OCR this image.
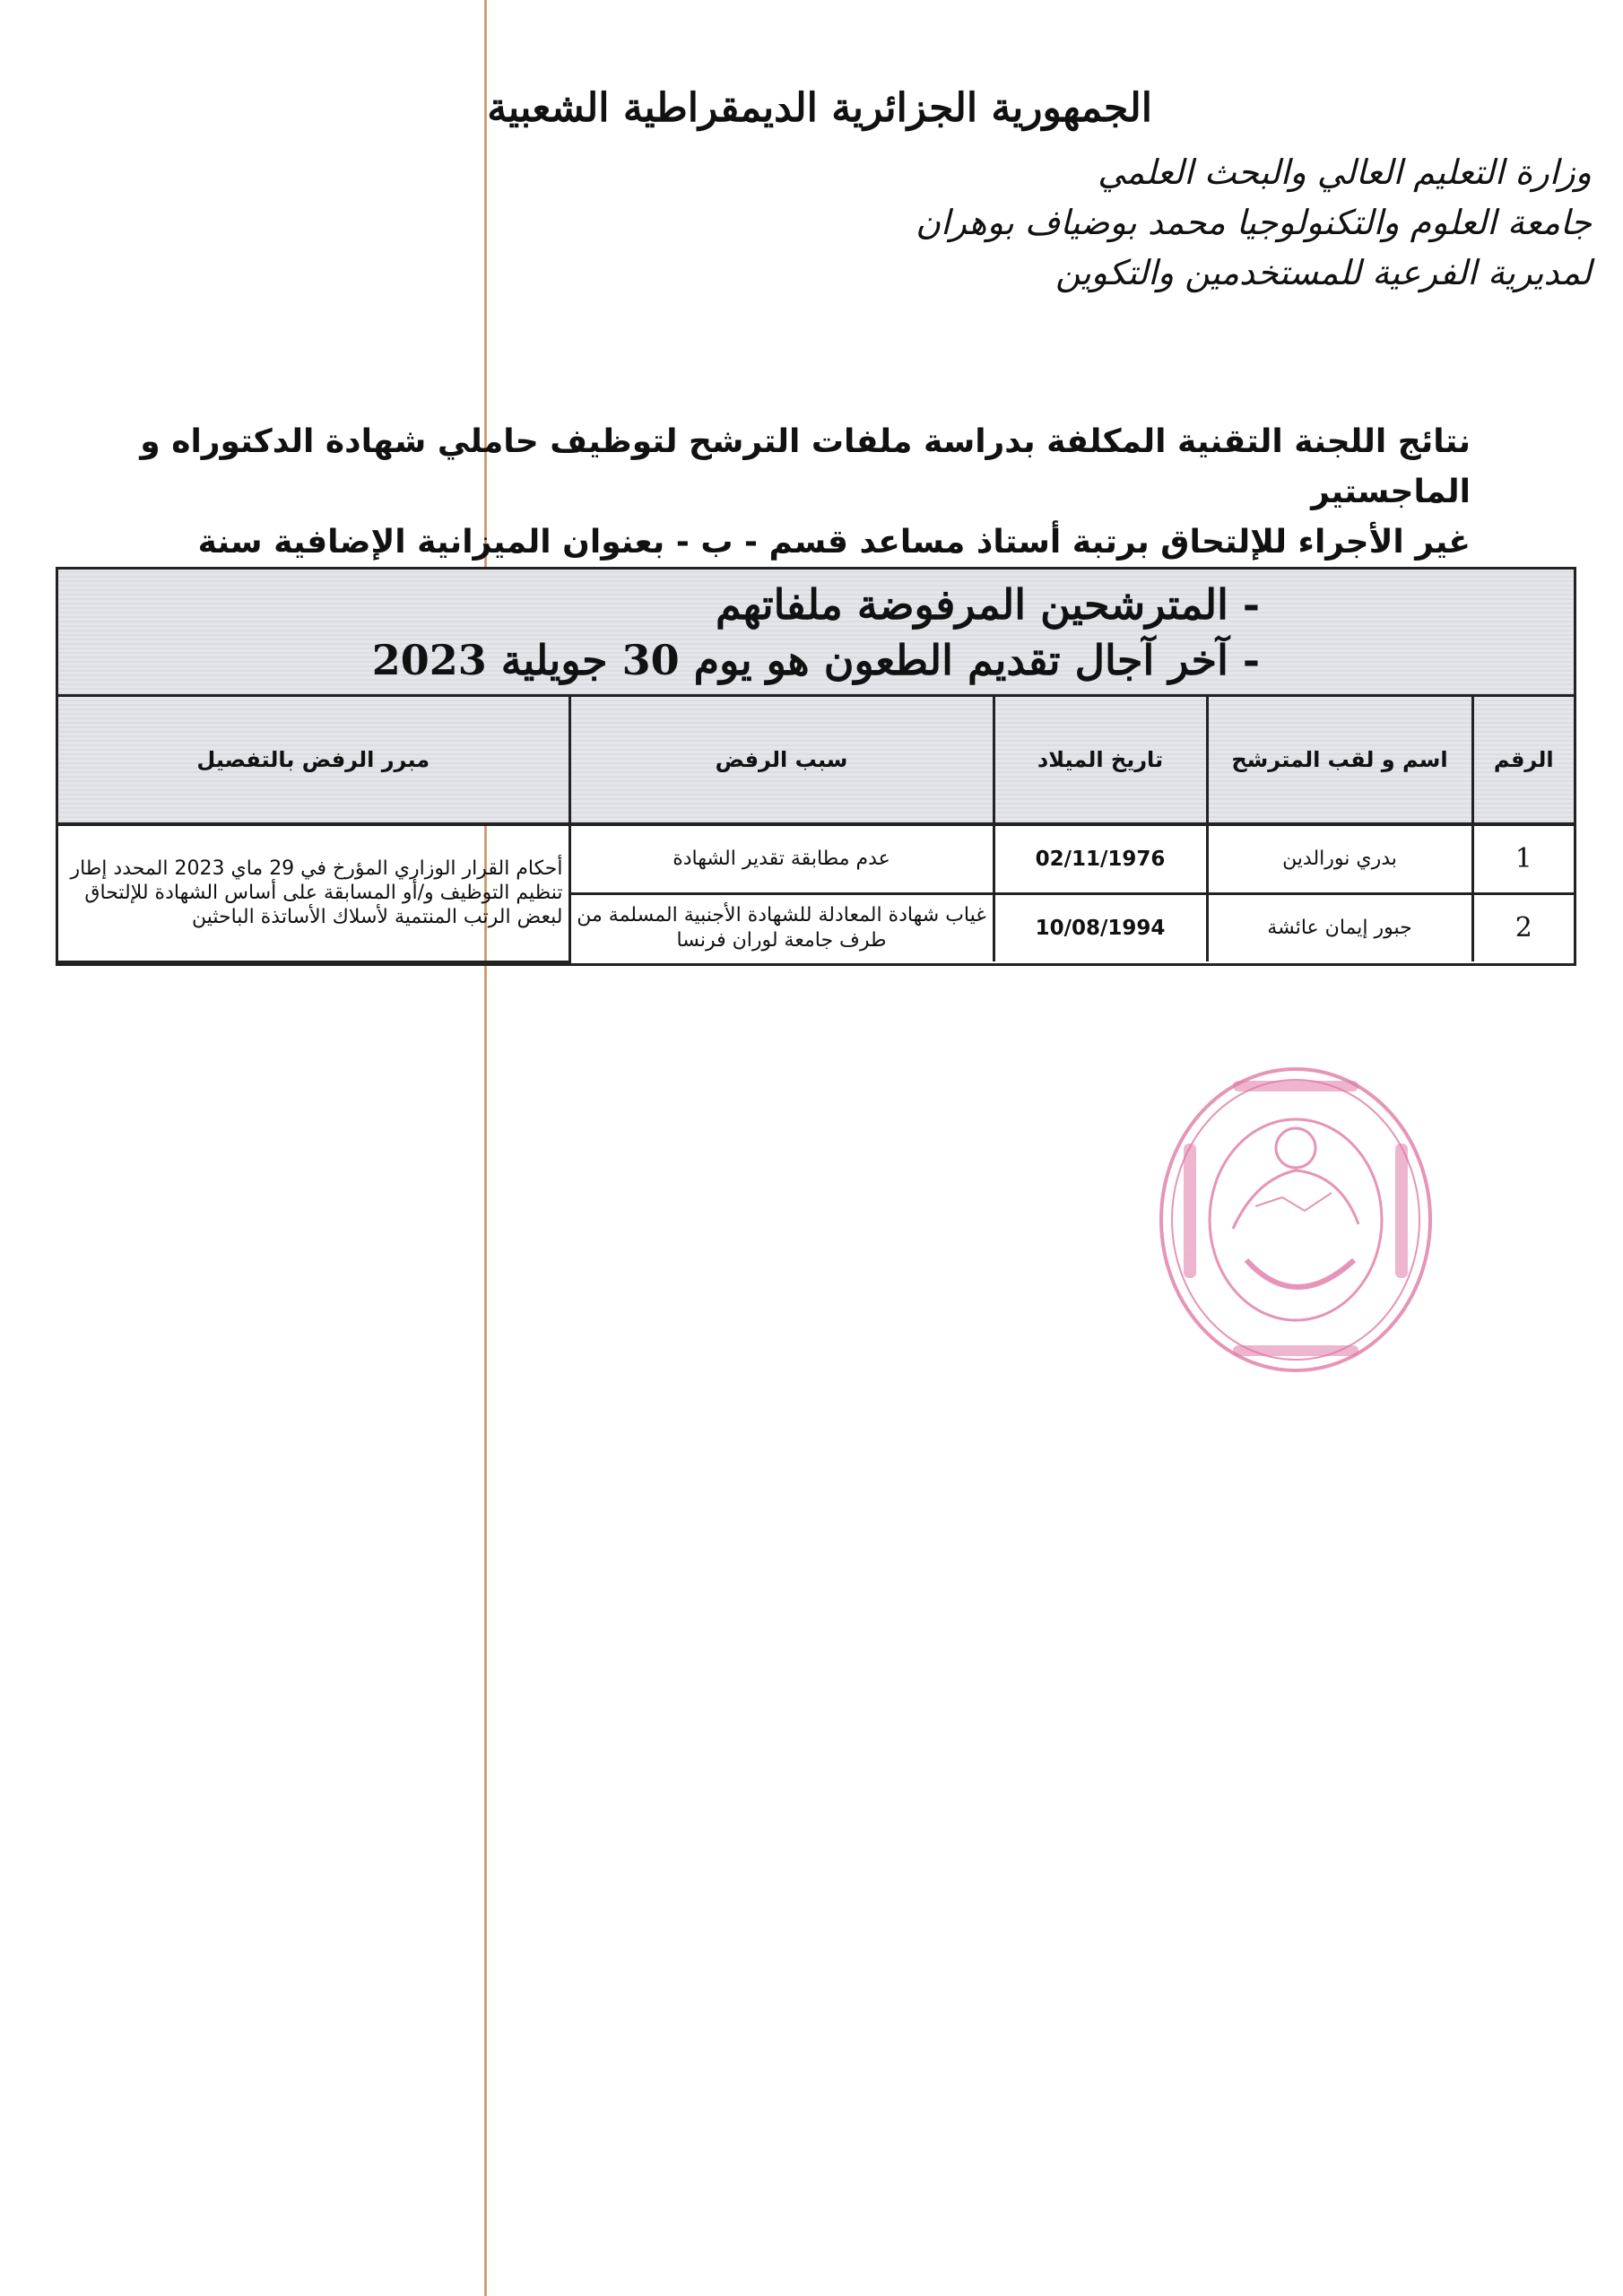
الجمهورية الجزائرية الديمقراطية الشعبية
وزارة التعليم العالي والبحث العلمي
جامعة العلوم والتكنولوجيا محمد بوضياف بوهران
لمديرية الفرعية للمستخدمين والتكوين
نتائج اللجنة التقنية المكلفة بدراسة ملفات الترشح لتوظيف حاملي شهادة الدكتوراه و الماجستير
غير الأجراء للإلتحاق برتبة أستاذ مساعد قسم - ب - بعنوان الميزانية الإضافية سنة
- المترشحين المرفوضة ملفاتهم
- آخر آجال تقديم الطعون هو يوم 30 جويلية 2023
الرقم	اسم و لقب المترشح	تاريخ الميلاد	سبب الرفض	مبرر الرفض بالتفصيل
1	بدري نورالدين	02/11/1976	عدم مطابقة تقدير الشهادة	أحكام القرار الوزاري المؤرخ في 29 ماي 2023 المحدد إطار تنظيم التوظيف و/أو المسابقة على أساس الشهادة للإلتحاق لبعض الرتب المنتمية لأسلاك الأساتذة الباحثين
2	جبور إيمان عائشة	10/08/1994	غياب شهادة المعادلة للشهادة الأجنبية المسلمة من طرف جامعة لوران فرنسا	
